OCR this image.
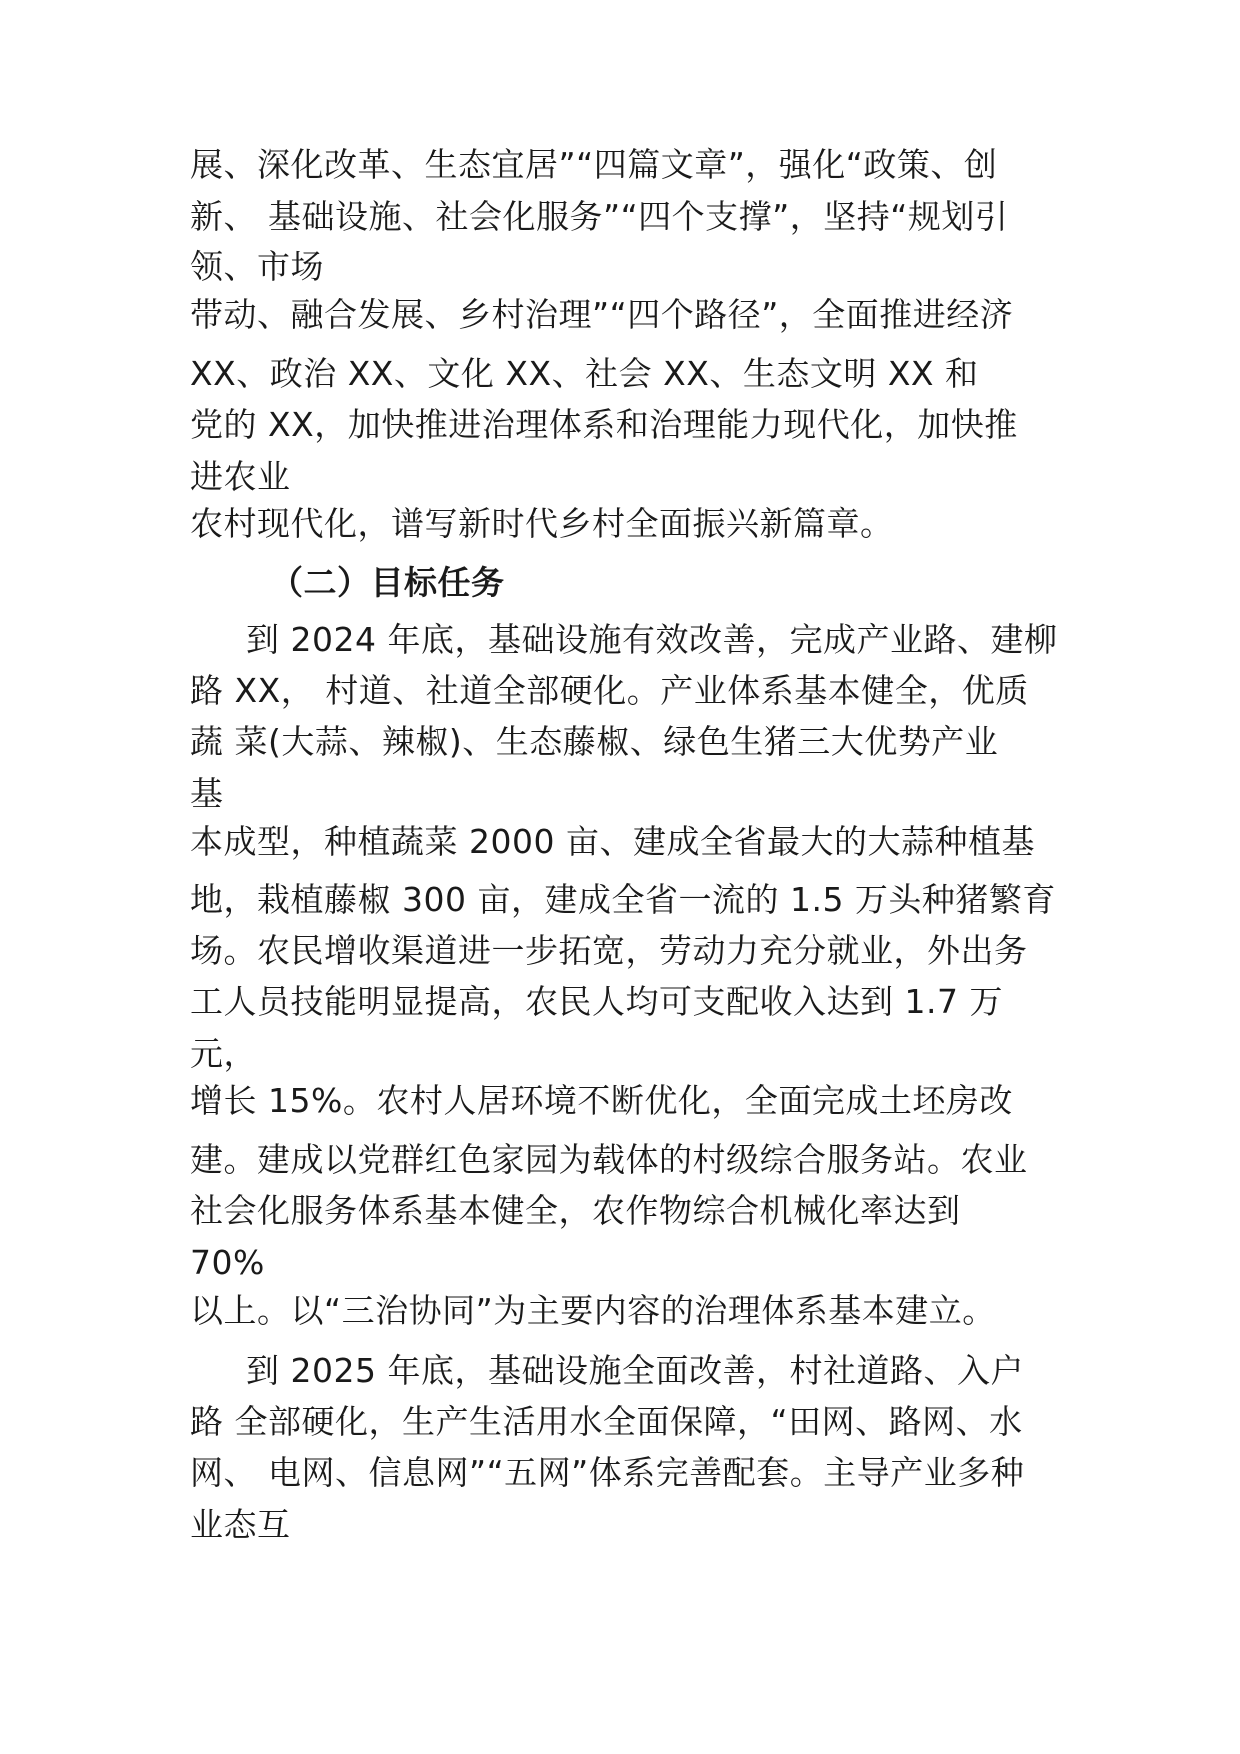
展、深化改革、生态宜居”“四篇文章”，强化“政策、创
新、 基础设施、社会化服务”“四个支撑”，坚持“规划引
领、市场
带动、融合发展、乡村治理”“四个路径”，全面推进经济
XX、政治 XX、文化 XX、社会 XX、生态文明 XX 和
党的 XX，加快推进治理体系和治理能力现代化，加快推
进农业
农村现代化，谱写新时代乡村全面振兴新篇章。
（二）目标任务
到 2024 年底，基础设施有效改善，完成产业路、建柳
路 XX， 村道、社道全部硬化。产业体系基本健全，优质
蔬 菜(大蒜、辣椒)、生态藤椒、绿色生猪三大优势产业
基
本成型，种植蔬菜 2000 亩、建成全省最大的大蒜种植基
地，栽植藤椒 300 亩，建成全省一流的 1.5 万头种猪繁育
场。农民增收渠道进一步拓宽，劳动力充分就业，外出务
工人员技能明显提高，农民人均可支配收入达到 1.7 万
元，
增长 15%。农村人居环境不断优化，全面完成土坯房改
建。建成以党群红色家园为载体的村级综合服务站。农业
社会化服务体系基本健全，农作物综合机械化率达到
70%
以上。以“三治协同”为主要内容的治理体系基本建立。
到 2025 年底，基础设施全面改善，村社道路、入户
路 全部硬化，生产生活用水全面保障，“田网、路网、水
网、 电网、信息网”“五网”体系完善配套。主导产业多种
业态互
